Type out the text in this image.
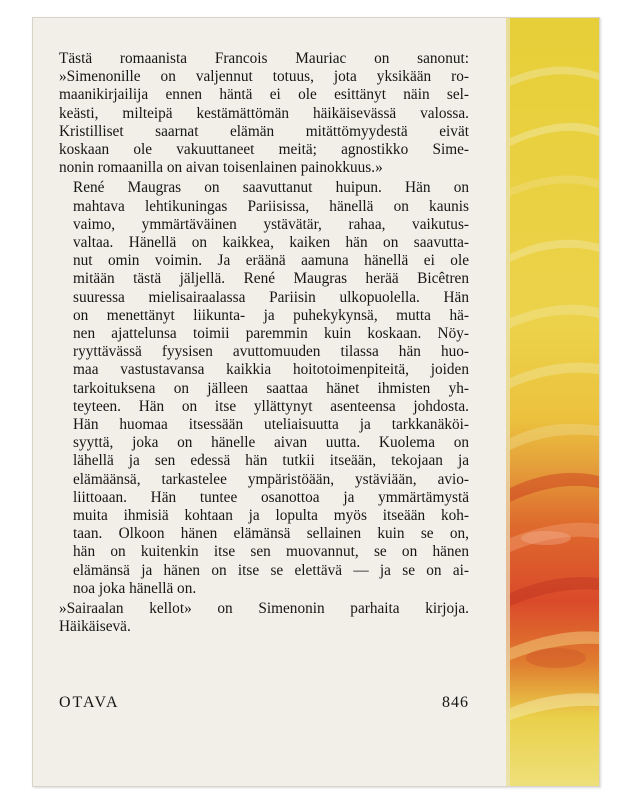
Tästä romaanista Francois Mauriac on sanonut:
»Simenonille on valjennut totuus, jota yksikään ro-
maanikirjailija ennen häntä ei ole esittänyt näin sel-
keästi, milteipä kestämättömän häikäisevässä valossa.
Kristilliset saarnat elämän mitättömyydestä eivät
koskaan ole vakuuttaneet meitä; agnostikko Sime-
nonin romaanilla on aivan toisenlainen painokkuus.»
René Maugras on saavuttanut huipun. Hän on
mahtava lehtikuningas Pariisissa, hänellä on kaunis
vaimo, ymmärtäväinen ystävätär, rahaa, vaikutus-
valtaa. Hänellä on kaikkea, kaiken hän on saavutta-
nut omin voimin. Ja eräänä aamuna hänellä ei ole
mitään tästä jäljellä. René Maugras herää Bicêtren
suuressa mielisairaalassa Pariisin ulkopuolella. Hän
on menettänyt liikunta- ja puhekykynsä, mutta hä-
nen ajattelunsa toimii paremmin kuin koskaan. Nöy-
ryyttävässä fyysisen avuttomuuden tilassa hän huo-
maa vastustavansa kaikkia hoitotoimenpiteitä, joiden
tarkoituksena on jälleen saattaa hänet ihmisten yh-
teyteen. Hän on itse yllättynyt asenteensa johdosta.
Hän huomaa itsessään uteliaisuutta ja tarkkanäköi-
syyttä, joka on hänelle aivan uutta. Kuolema on
lähellä ja sen edessä hän tutkii itseään, tekojaan ja
elämäänsä, tarkastelee ympäristöään, ystäviään, avio-
liittoaan. Hän tuntee osanottoa ja ymmärtämystä
muita ihmisiä kohtaan ja lopulta myös itseään koh-
taan. Olkoon hänen elämänsä sellainen kuin se on,
hän on kuitenkin itse sen muovannut, se on hänen
elämänsä ja hänen on itse se elettävä — ja se on ai-
noa joka hänellä on.
»Sairaalan kellot» on Simenonin parhaita kirjoja.
Häikäisevä.
OTAVA	846
